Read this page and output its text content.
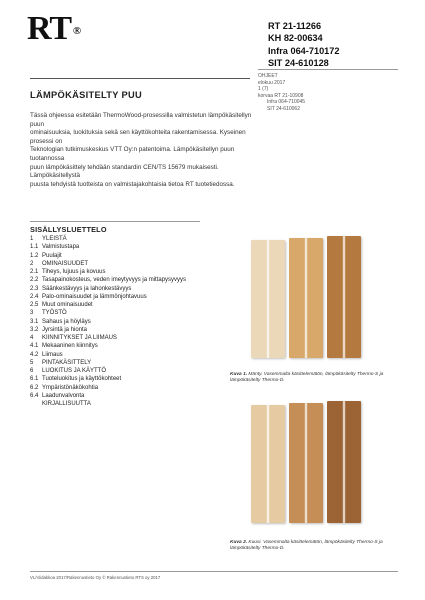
RT ®	RT 21-11266
KH 82-00634
Infra 064-710172
SIT 24-610128
LÄMPÖKÄSITELTY PUU
OHJEET
elokuu 2017
1 (7)
korvaa RT 21-10908
Infra 064-710045
SIT 24-610062
Tässä ohjeessa esitetään ThermoWood-prosessilla valmistetun lämpökäsitellyn puun
ominaisuuksia, luokituksia sekä sen käyttökohteita rakentamisessa. Kyseinen prosessi on
Teknologian tutkimuskeskus VTT Oy:n patentoima. Lämpökäsitellyn puun tuotannossa
puun lämpökäsittely tehdään standardin CEN/TS 15679 mukaisesti. Lämpökäsitellystä
puusta tehdyistä tuotteista on valmistajakohtaisia tietoa RT tuotetiedossa.
SISÄLLYSLUETTELO
1	YLEISTÄ
1.1 Valmistustapa
1.2 Puulajit
2	OMINAISUUDET
2.1 Tiheys, lujuus ja kovuus
2.2 Tasapainokosteus, veden imeytyvyys ja mittapysyvyys
2.3 Säänkestävyys ja lahonkestävyys
2.4 Palo-ominaisuudet ja lämmönjohtavuus
2.5 Muut ominaisuudet
3	TYÖSTÖ
3.1 Sahaus ja höyläys
3.2 Jyrsintä ja hionta
4	KIINNITYKSET JA LIIMAUS
4.1 Mekaaninen kiinnitys
4.2 Liimaus
5	PINTAKÄSITTELY
6	LUOKITUS JA KÄYTTÖ
6.1 Tuoteluokitus ja käyttökohteet
6.2 Ympäristönäkökohtia
6.4 Laadunvalvonta
KIRJALLISUUTTA
Kuva 1. Mänty. Vasemmalta käsittelemätön, lämpökäsitelty Thermo-S ja lämpökäsitelty Thermo-D.
Kuva 2. Kuusi. Vasemmalta käsittelemätön, lämpökäsitelty Thermo-S ja lämpökäsitelty Thermo-D.
VL/Viidakkoa 2017/Rakennustieto Oy © Rakennustieto RTS oy 2017
